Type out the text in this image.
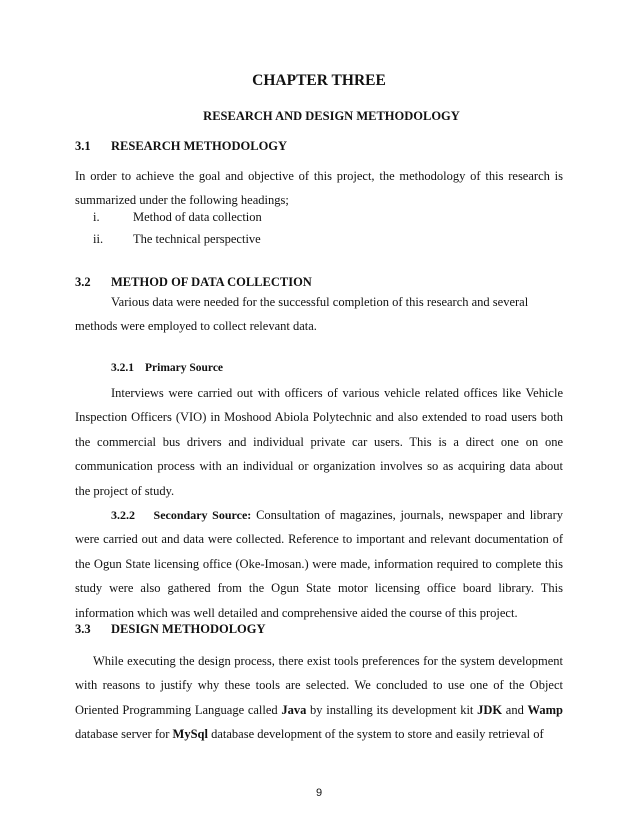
CHAPTER THREE
RESEARCH AND DESIGN METHODOLOGY
3.1 RESEARCH METHODOLOGY

In order to achieve the goal and objective of this project, the methodology of this research is summarized under the following headings;

i.	Method of data collection
ii. The technical perspective
3.2 METHOD OF DATA COLLECTION
Various data were needed for the successful completion of this research and several
methods were employed to collect relevant data.
3.2.1 Primary Source

Interviews were carried out with officers of various vehicle related offices like Vehicle Inspection Officers (VIO) in Moshood Abiola Polytechnic and also extended to road users both the commercial bus drivers and individual private car users. This is a direct one on one communication process with an individual or organization involves so as acquiring data about the project of study.

3.2.2 Secondary Source: Consultation of magazines, journals, newspaper and library were carried out and data were collected. Reference to important and relevant documentation of the Ogun State licensing office (Oke-Imosan.) were made, information required to complete this study were also gathered from the Ogun State motor licensing office board library. This information which was well detailed and comprehensive aided the course of this project.

3.3 DESIGN METHODOLOGY

While executing the design process, there exist tools preferences for the system development with reasons to justify why these tools are selected. We concluded to use one of the Object Oriented Programming Language called Java by installing its development kit JDK and Wamp database server for MySql database development of the system to store and easily retrieval of

9
